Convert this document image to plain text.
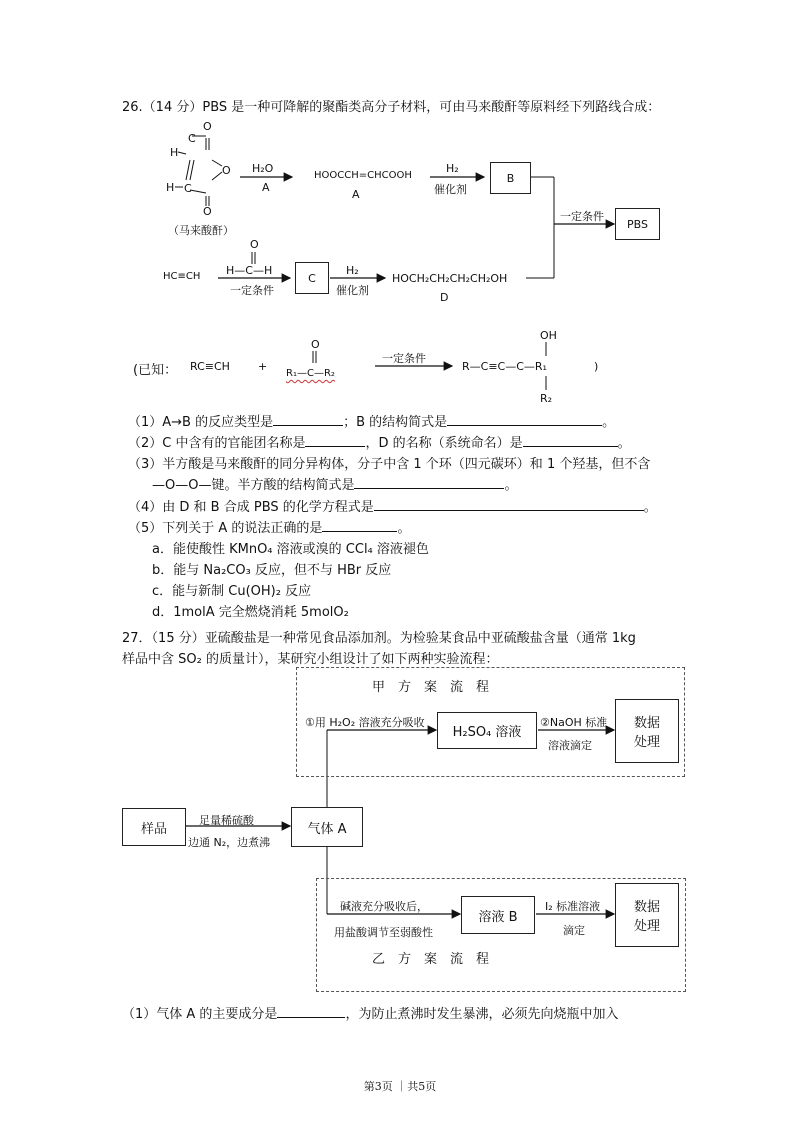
26.（14 分）PBS 是一种可降解的聚酯类高分子材料，可由马来酸酐等原料经下列路线合成：
O
C
H
O
C
H
O
（马来酸酐）
H₂O
A
HOOCCH=CHCOOH
A
H₂
催化剂
B
一定条件
PBS
HC≡CH
O
H—C—H
一定条件
C
H₂
催化剂
HOCH₂CH₂CH₂CH₂OH
D
(已知： RC≡CH	+
O
R₁—C—R₂
一定条件
OH
R—C≡C—C—R₁
R₂
)
（1）A→B 的反应类型是	；B 的结构简式是	。
（2）C 中含有的官能团名称是	，D 的名称（系统命名）是	。
（3）半方酸是马来酸酐的同分异构体，分子中含 1 个环（四元碳环）和 1 个羟基，但不含
—O—O—键。半方酸的结构简式是	。
（4）由 D 和 B 合成 PBS 的化学方程式是	。
（5）下列关于 A 的说法正确的是	。
a．能使酸性 KMnO₄ 溶液或溴的 CCl₄ 溶液褪色
b．能与 Na₂CO₃ 反应，但不与 HBr 反应
c．能与新制 Cu(OH)₂ 反应
d．1molA 完全燃烧消耗 5molO₂
27．（15 分）亚硫酸盐是一种常见食品添加剂。为检验某食品中亚硫酸盐含量（通常 1kg
样品中含 SO₂ 的质量计），某研究小组设计了如下两种实验流程：
甲　方　案　流　程
①用 H₂O₂ 溶液充分吸收
H₂SO₄ 溶液
②NaOH 标准
溶液滴定
数据
处理
样品
足量稀硫酸
边通 N₂，边煮沸
气体 A
碱液充分吸收后，
用盐酸调节至弱酸性
溶液 B
I₂ 标准溶液
滴定
数据
处理
乙　方　案　流　程
（1）气体 A 的主要成分是	，为防止煮沸时发生暴沸，必须先向烧瓶中加入
第3页 ｜共5页
